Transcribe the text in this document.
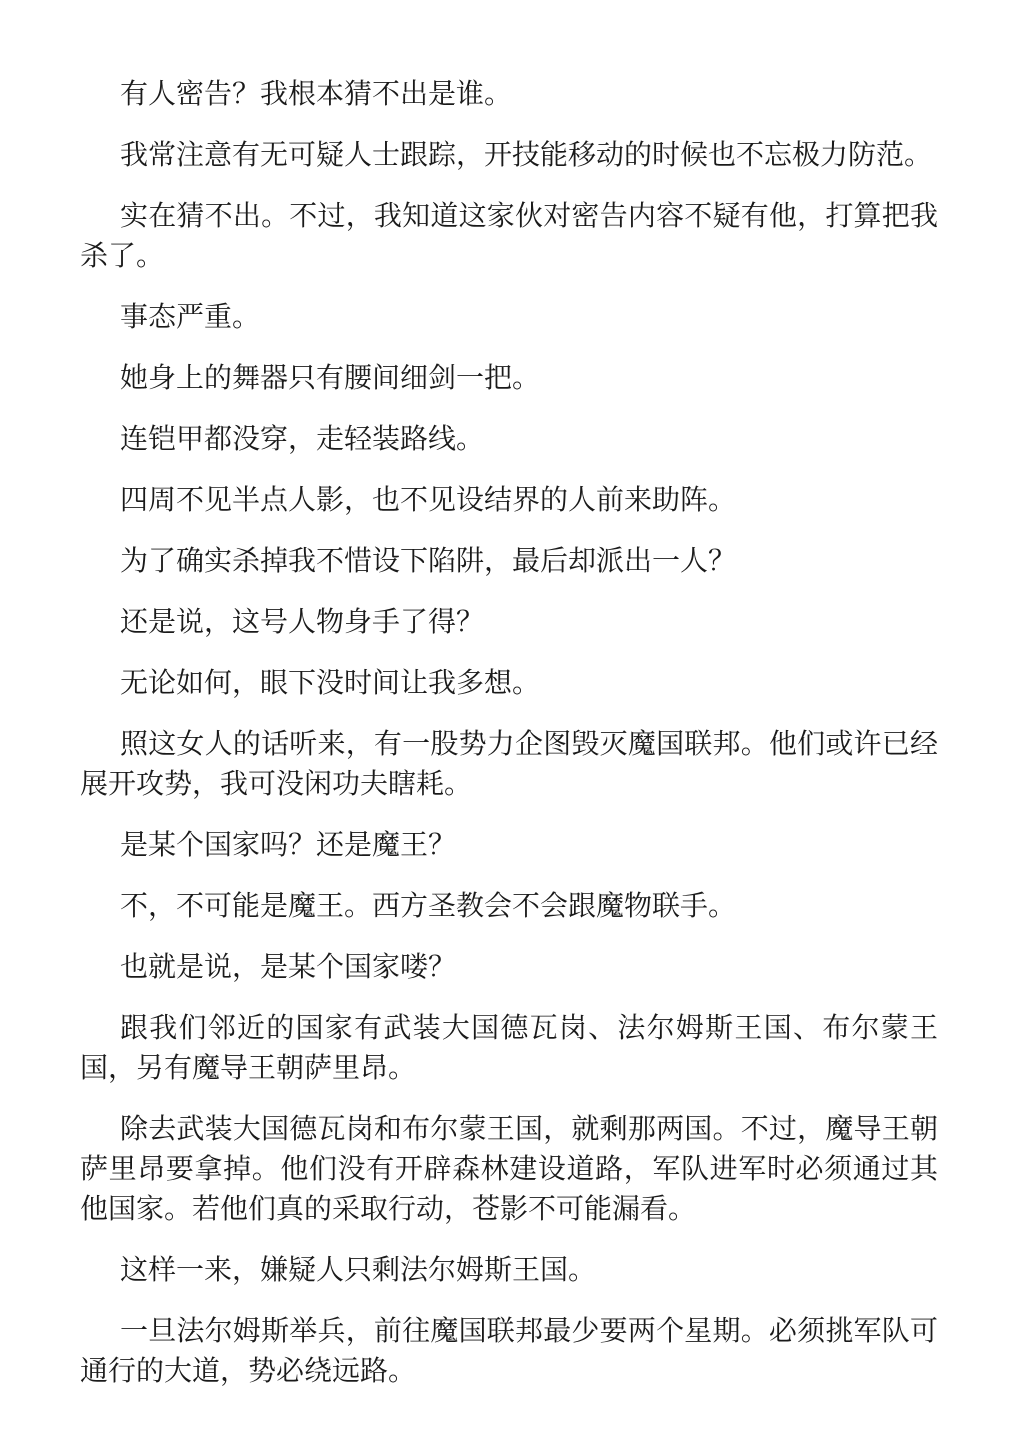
有人密告？我根本猜不出是谁。

我常注意有无可疑人士跟踪，开技能移动的时候也不忘极力防范。

实在猜不出。不过，我知道这家伙对密告内容不疑有他，打算把我杀了。

事态严重。

她身上的舞器只有腰间细剑一把。

连铠甲都没穿，走轻装路线。

四周不见半点人影，也不见设结界的人前来助阵。

为了确实杀掉我不惜设下陷阱，最后却派出一人？

还是说，这号人物身手了得？

无论如何，眼下没时间让我多想。

照这女人的话听来，有一股势力企图毁灭魔国联邦。他们或许已经展开攻势，我可没闲功夫瞎耗。

是某个国家吗？还是魔王？

不，不可能是魔王。西方圣教会不会跟魔物联手。

也就是说，是某个国家喽？

跟我们邻近的国家有武装大国德瓦岗、法尔姆斯王国、布尔蒙王国，另有魔导王朝萨里昂。

除去武装大国德瓦岗和布尔蒙王国，就剩那两国。不过，魔导王朝萨里昂要拿掉。他们没有开辟森林建设道路，军队进军时必须通过其他国家。若他们真的采取行动，苍影不可能漏看。

这样一来，嫌疑人只剩法尔姆斯王国。

一旦法尔姆斯举兵，前往魔国联邦最少要两个星期。必须挑军队可通行的大道，势必绕远路。
